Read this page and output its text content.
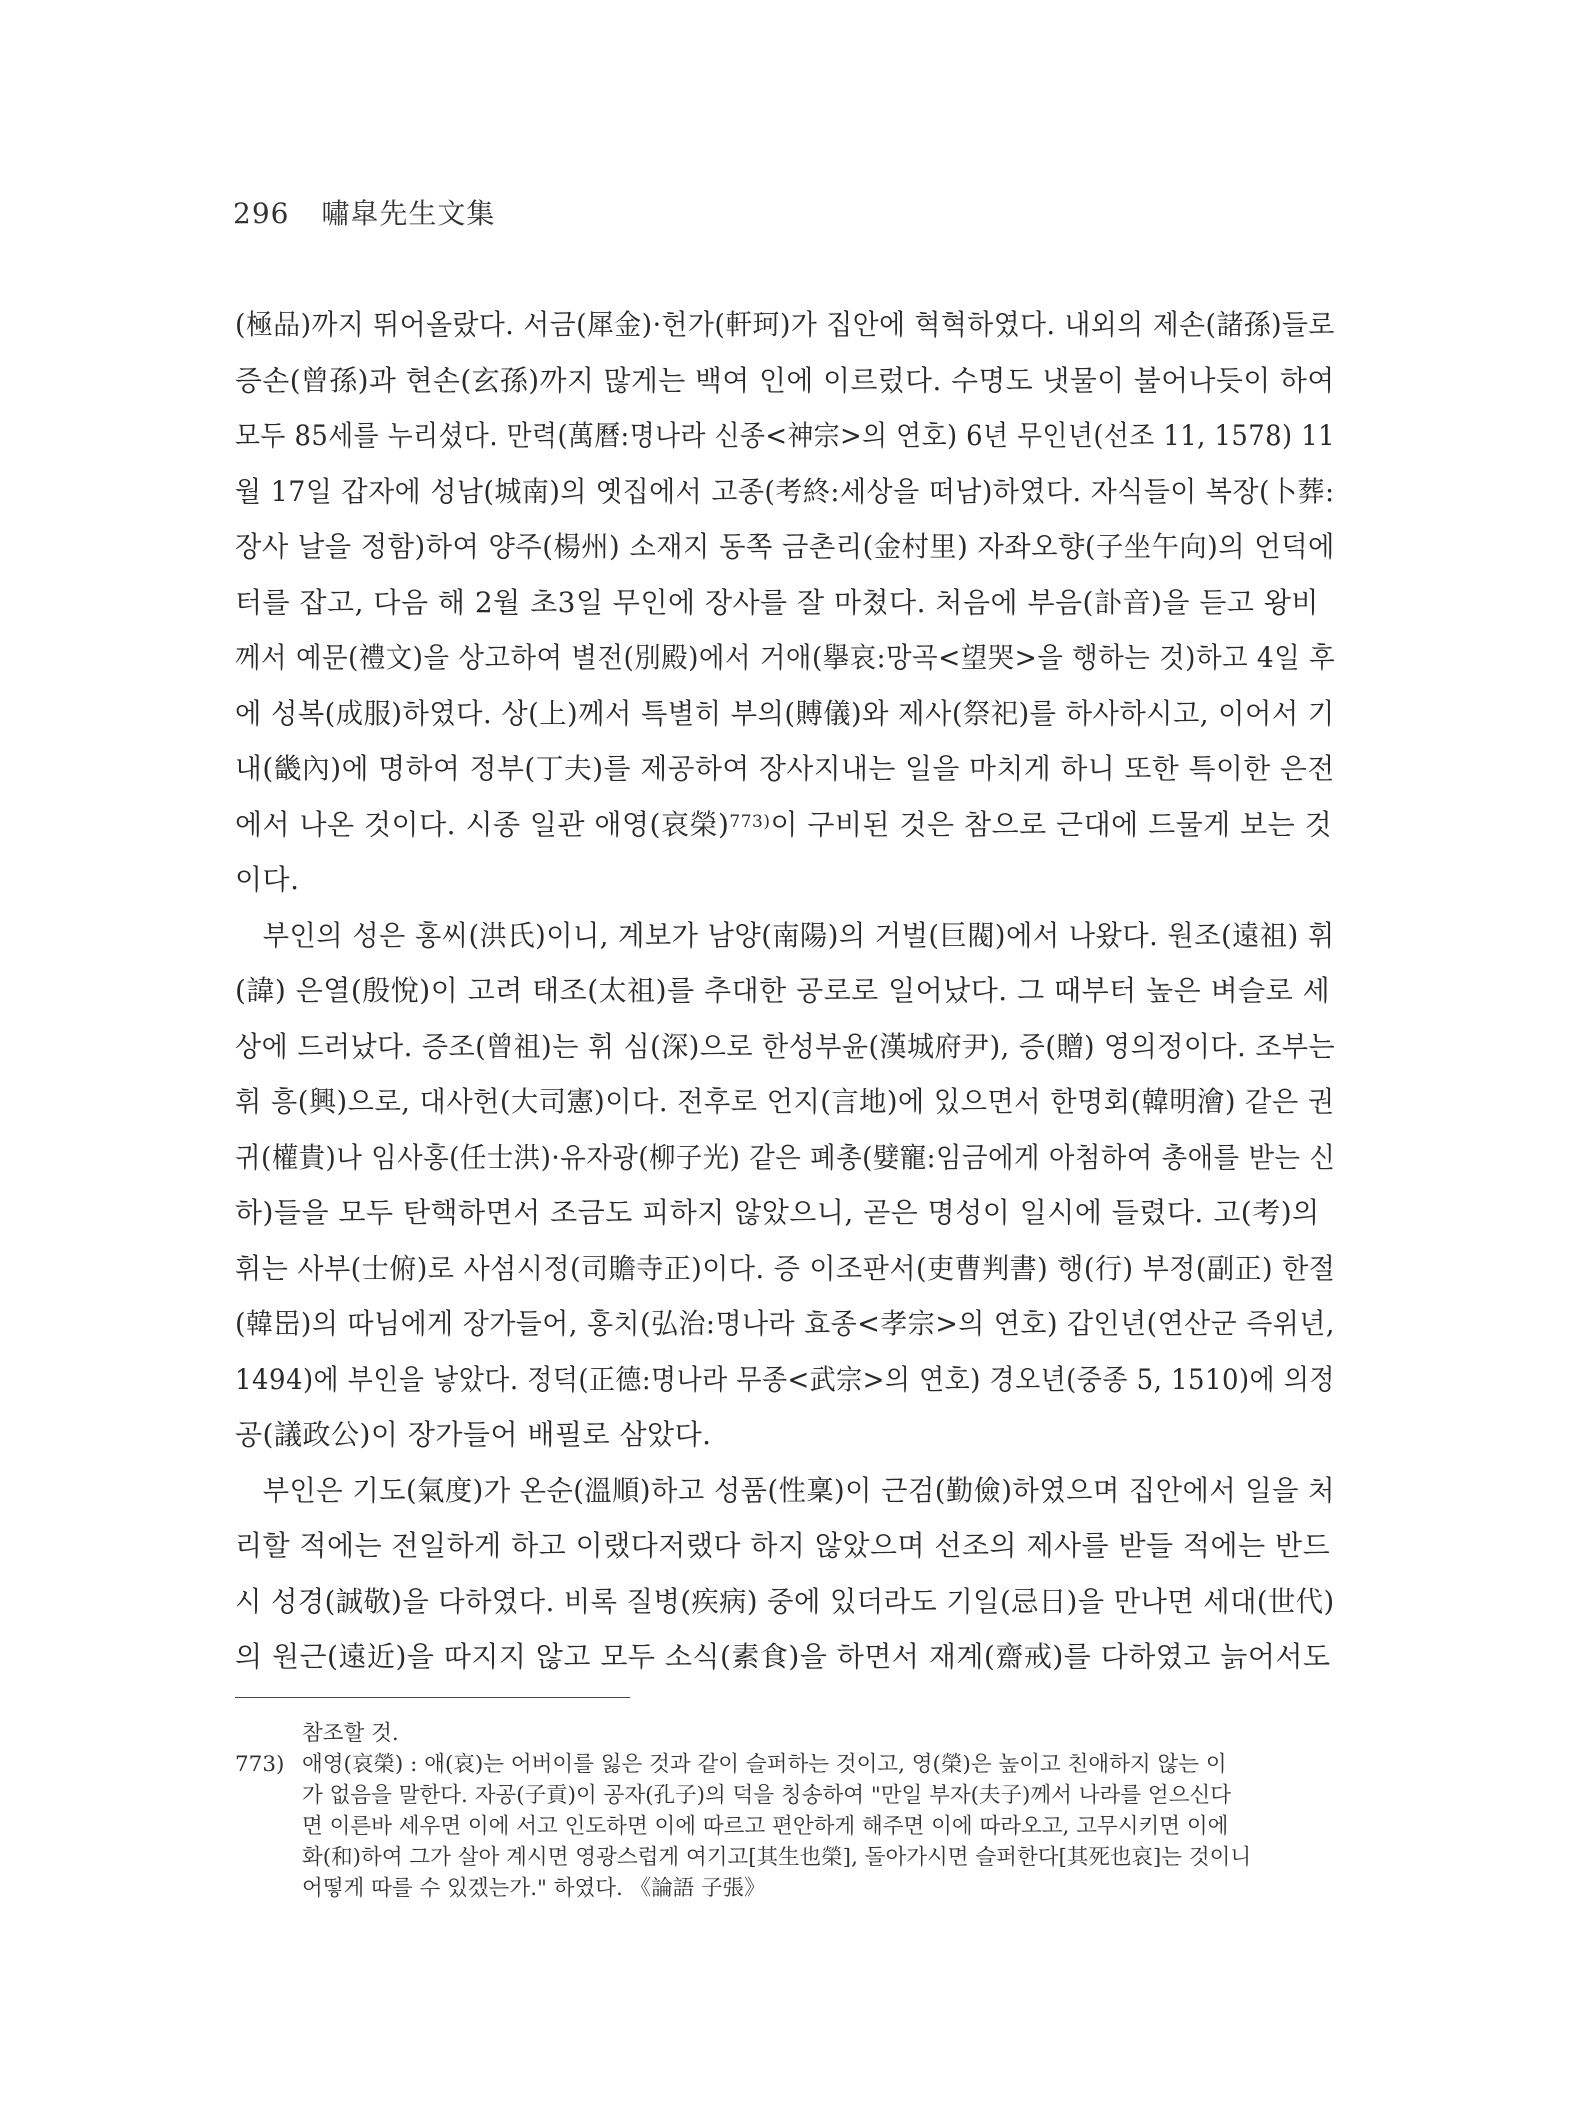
296 嘯皐先生文集
(極品)까지 뛰어올랐다. 서금(犀金)·헌가(軒珂)가 집안에 혁혁하였다. 내외의 제손(諸孫)들로
증손(曾孫)과 현손(玄孫)까지 많게는 백여 인에 이르렀다. 수명도 냇물이 불어나듯이 하여
모두 85세를 누리셨다. 만력(萬曆:명나라 신종<神宗>의 연호) 6년 무인년(선조 11, 1578) 11
월 17일 갑자에 성남(城南)의 옛집에서 고종(考終:세상을 떠남)하였다. 자식들이 복장(卜葬:
장사 날을 정함)하여 양주(楊州) 소재지 동쪽 금촌리(金村里) 자좌오향(子坐午向)의 언덕에
터를 잡고, 다음 해 2월 초3일 무인에 장사를 잘 마쳤다. 처음에 부음(訃音)을 듣고 왕비
께서 예문(禮文)을 상고하여 별전(別殿)에서 거애(擧哀:망곡<望哭>을 행하는 것)하고 4일 후
에 성복(成服)하였다. 상(上)께서 특별히 부의(賻儀)와 제사(祭祀)를 하사하시고, 이어서 기
내(畿內)에 명하여 정부(丁夫)를 제공하여 장사지내는 일을 마치게 하니 또한 특이한 은전
에서 나온 것이다. 시종 일관 애영(哀榮)$^{773)}$이 구비된 것은 참으로 근대에 드물게 보는 것
이다.
　부인의 성은 홍씨(洪氏)이니, 계보가 남양(南陽)의 거벌(巨閥)에서 나왔다. 원조(遠祖) 휘
(諱) 은열(殷悅)이 고려 태조(太祖)를 추대한 공로로 일어났다. 그 때부터 높은 벼슬로 세
상에 드러났다. 증조(曾祖)는 휘 심(深)으로 한성부윤(漢城府尹), 증(贈) 영의정이다. 조부는
휘 흥(興)으로, 대사헌(大司憲)이다. 전후로 언지(言地)에 있으면서 한명회(韓明澮) 같은 권
귀(權貴)나 임사홍(任士洪)·유자광(柳子光) 같은 폐총(嬖寵:임금에게 아첨하여 총애를 받는 신
하)들을 모두 탄핵하면서 조금도 피하지 않았으니, 곧은 명성이 일시에 들렸다. 고(考)의
휘는 사부(士俯)로 사섬시정(司贍寺正)이다. 증 이조판서(吏曹判書) 행(行) 부정(副正) 한절
(韓岊)의 따님에게 장가들어, 홍치(弘治:명나라 효종<孝宗>의 연호) 갑인년(연산군 즉위년,
1494)에 부인을 낳았다. 정덕(正德:명나라 무종<武宗>의 연호) 경오년(중종 5, 1510)에 의정
공(議政公)이 장가들어 배필로 삼았다.
　부인은 기도(氣度)가 온순(溫順)하고 성품(性稟)이 근검(勤儉)하였으며 집안에서 일을 처
리할 적에는 전일하게 하고 이랬다저랬다 하지 않았으며 선조의 제사를 받들 적에는 반드
시 성경(誠敬)을 다하였다. 비록 질병(疾病) 중에 있더라도 기일(忌日)을 만나면 세대(世代)
의 원근(遠近)을 따지지 않고 모두 소식(素食)을 하면서 재계(齋戒)를 다하였고 늙어서도
참조할 것.
773) 애영(哀榮) : 애(哀)는 어버이를 잃은 것과 같이 슬퍼하는 것이고, 영(榮)은 높이고 친애하지 않는 이
가 없음을 말한다. 자공(子貢)이 공자(孔子)의 덕을 칭송하여 "만일 부자(夫子)께서 나라를 얻으신다
면 이른바 세우면 이에 서고 인도하면 이에 따르고 편안하게 해주면 이에 따라오고, 고무시키면 이에
화(和)하여 그가 살아 계시면 영광스럽게 여기고[其生也榮], 돌아가시면 슬퍼한다[其死也哀]는 것이니
어떻게 따를 수 있겠는가." 하였다. 《論語 子張》
